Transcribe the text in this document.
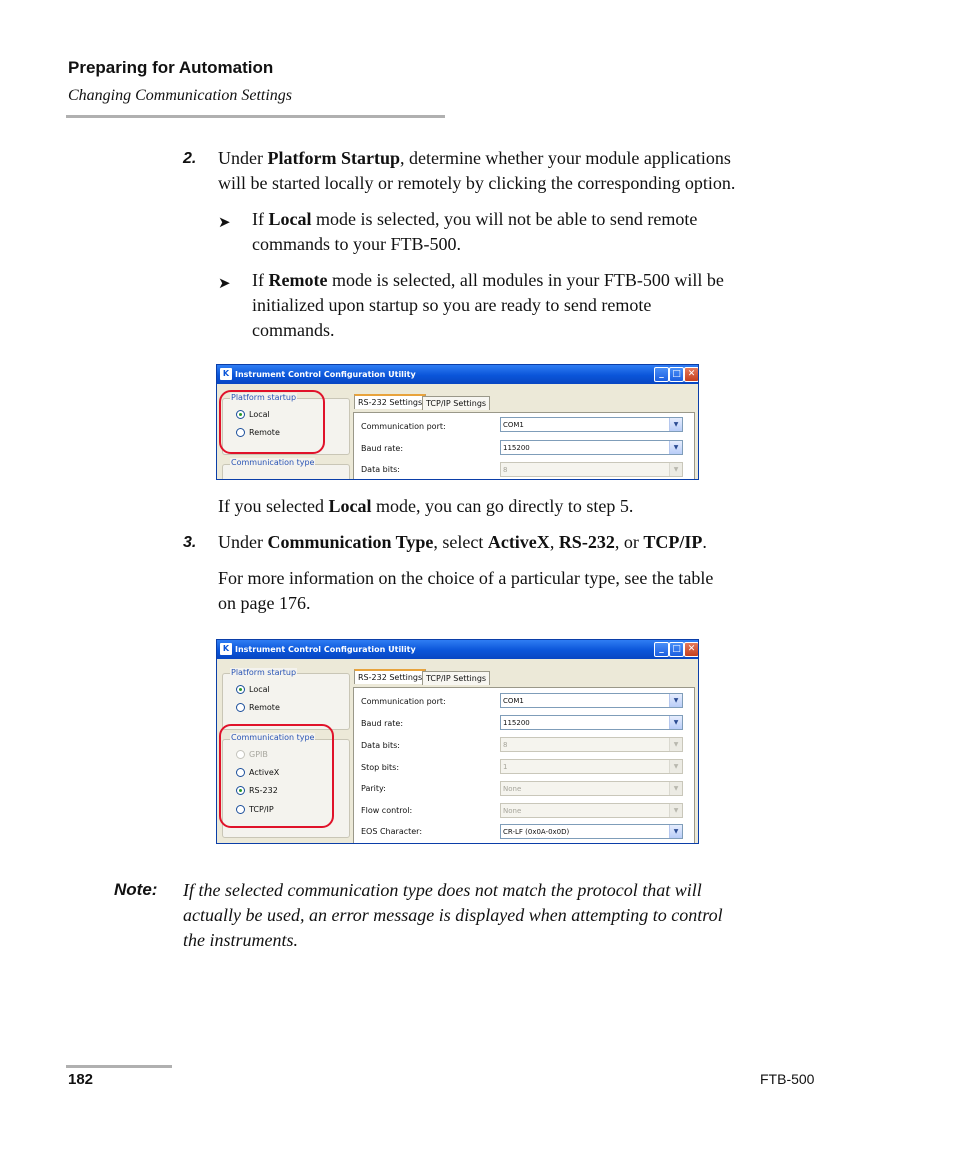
Preparing for Automation
Changing Communication Settings
2. Under Platform Startup, determine whether your module applications
will be started locally or remotely by clicking the corresponding option.
➤ If Local mode is selected, you will not be able to send remote
commands to your FTB-500.
➤ If Remote mode is selected, all modules in your FTB-500 will be
initialized upon startup so you are ready to send remote
commands.
K Instrument Control Configuration Utility	_ □ ✕
Platform startup
Local
Remote
Communication type
RS-232 Settings TCP/IP Settings
Communication port:	COM1	▼
Baud rate:	115200	▼
Data bits:	8	▼
If you selected Local mode, you can go directly to step 5.
3. Under Communication Type, select ActiveX, RS-232, or TCP/IP.
For more information on the choice of a particular type, see the table
on page 176.
K Instrument Control Configuration Utility	_ □ ✕
Platform startup
Local
Remote
Communication type
GPIB
ActiveX
RS-232
TCP/IP
RS-232 Settings TCP/IP Settings
Communication port:	COM1	▼
Baud rate:	115200	▼
Data bits:	8	▼
Stop bits:	1	▼
Parity:	None	▼
Flow control:	None	▼
EOS Character:	CR-LF (0x0A-0x0D)	▼
Note: If the selected communication type does not match the protocol that will
actually be used, an error message is displayed when attempting to control
the instruments.
182	FTB-500
